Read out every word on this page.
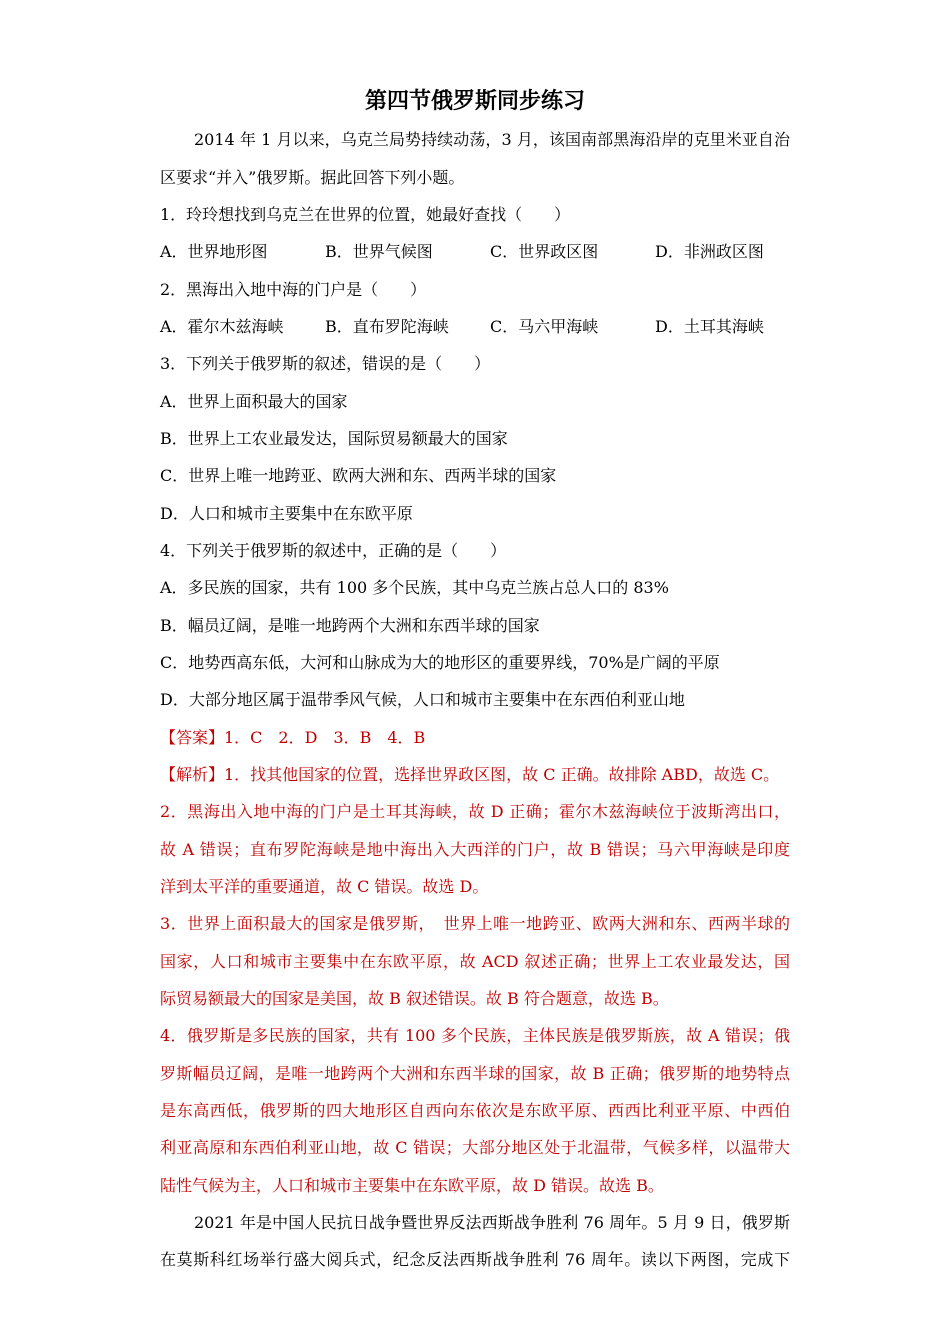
第四节俄罗斯同步练习
2014 年 1 月以来，乌克兰局势持续动荡，3 月，该国南部黑海沿岸的克里米亚自治
区要求“并入”俄罗斯。据此回答下列小题。
1．玲玲想找到乌克兰在世界的位置，她最好查找（　　）
A．世界地形图	B．世界气候图	C．世界政区图	D．非洲政区图
2．黑海出入地中海的门户是（　　）
A．霍尔木兹海峡	B．直布罗陀海峡	C．马六甲海峡	D．土耳其海峡
3．下列关于俄罗斯的叙述，错误的是（　　）
A．世界上面积最大的国家
B．世界上工农业最发达，国际贸易额最大的国家
C．世界上唯一地跨亚、欧两大洲和东、西两半球的国家
D．人口和城市主要集中在东欧平原
4．下列关于俄罗斯的叙述中，正确的是（　　）
A．多民族的国家，共有 100 多个民族，其中乌克兰族占总人口的 83%
B．幅员辽阔，是唯一地跨两个大洲和东西半球的国家
C．地势西高东低，大河和山脉成为大的地形区的重要界线，70%是广阔的平原
D．大部分地区属于温带季风气候，人口和城市主要集中在东西伯利亚山地
【答案】1．C　2．D　3．B　4．B
【解析】1．找其他国家的位置，选择世界政区图，故 C 正确。故排除 ABD，故选 C。
2．黑海出入地中海的门户是土耳其海峡，故 D 正确；霍尔木兹海峡位于波斯湾出口，
故 A 错误；直布罗陀海峡是地中海出入大西洋的门户，故 B 错误；马六甲海峡是印度
洋到太平洋的重要通道，故 C 错误。故选 D。
3．世界上面积最大的国家是俄罗斯，　世界上唯一地跨亚、欧两大洲和东、西两半球的
国家，人口和城市主要集中在东欧平原，故 ACD 叙述正确；世界上工农业最发达，国
际贸易额最大的国家是美国，故 B 叙述错误。故 B 符合题意，故选 B。
4．俄罗斯是多民族的国家，共有 100 多个民族，主体民族是俄罗斯族，故 A 错误；俄
罗斯幅员辽阔，是唯一地跨两个大洲和东西半球的国家，故 B 正确；俄罗斯的地势特点
是东高西低，俄罗斯的四大地形区自西向东依次是东欧平原、西西比利亚平原、中西伯
利亚高原和东西伯利亚山地，故 C 错误；大部分地区处于北温带，气候多样，以温带大
陆性气候为主，人口和城市主要集中在东欧平原，故 D 错误。故选 B。
2021 年是中国人民抗日战争暨世界反法西斯战争胜利 76 周年。5 月 9 日，俄罗斯
在莫斯科红场举行盛大阅兵式，纪念反法西斯战争胜利 76 周年。读以下两图，完成下
